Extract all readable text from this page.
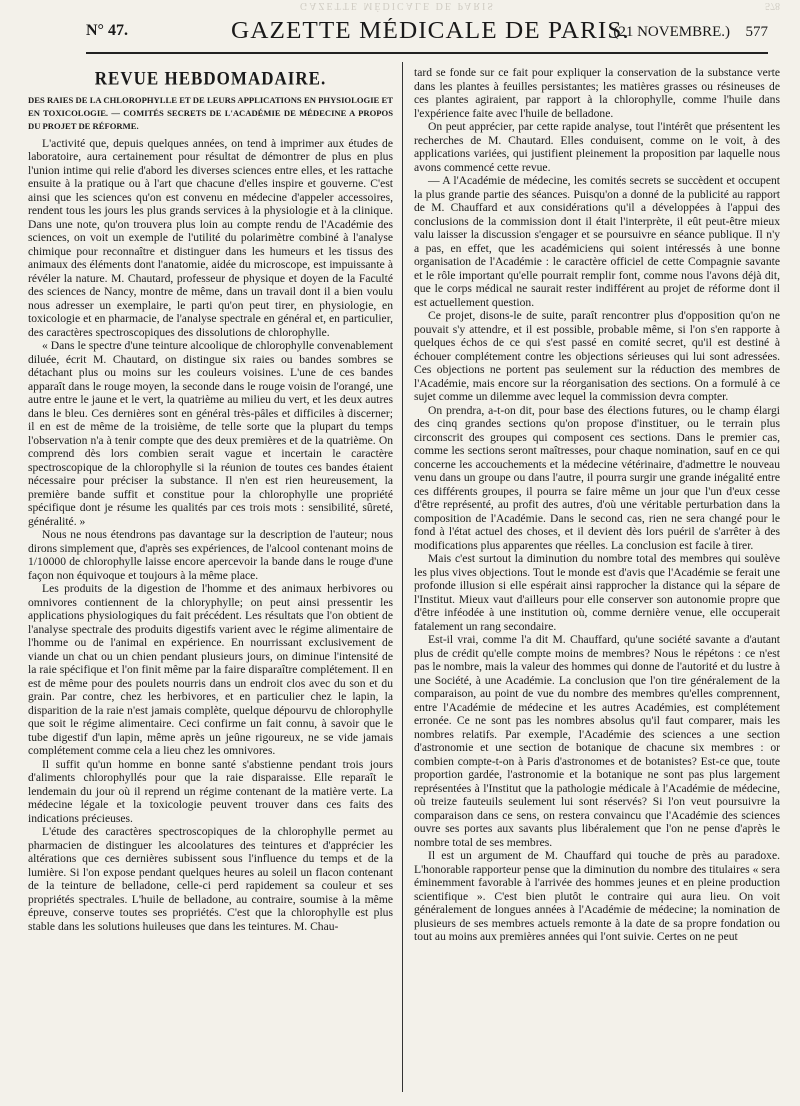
GAZETTE MÉDICALE DE PARIS	578
N° 47.	GAZETTE MÉDICALE DE PARIS.
(21 NOVEMBRE.) 577
REVUE HEBDOMADAIRE.
DES RAIES DE LA CHLOROPHYLLE ET DE LEURS APPLICATIONS EN PHYSIOLOGIE ET EN TOXICOLOGIE. — COMITÉS SECRETS DE L'ACADÉMIE DE MÉDECINE A PROPOS DU PROJET DE RÉFORME.

L'activité que, depuis quelques années, on tend à imprimer aux études de laboratoire, aura certainement pour résultat de démontrer de plus en plus l'union intime qui relie d'abord les diverses sciences entre elles, et les rattache ensuite à la pratique ou à l'art que chacune d'elles inspire et gouverne. C'est ainsi que les sciences qu'on est convenu en médecine d'appeler accessoires, rendent tous les jours les plus grands services à la physiologie et à la clinique. Dans une note, qu'on trouvera plus loin au compte rendu de l'Académie des sciences, on voit un exemple de l'utilité du polarimètre combiné à l'analyse chimique pour reconnaître et distinguer dans les humeurs et les tissus des animaux des éléments dont l'anatomie, aidée du microscope, est impuissante à révéler la nature. M. Chautard, professeur de physique et doyen de la Faculté des sciences de Nancy, montre de même, dans un travail dont il a bien voulu nous adresser un exemplaire, le parti qu'on peut tirer, en physiologie, en toxicologie et en pharmacie, de l'analyse spectrale en général et, en particulier, des caractères spectroscopiques des dissolutions de chlorophylle.

« Dans le spectre d'une teinture alcoolique de chlorophylle convenablement diluée, écrit M. Chautard, on distingue six raies ou bandes sombres se détachant plus ou moins sur les couleurs voisines. L'une de ces bandes apparaît dans le rouge moyen, la seconde dans le rouge voisin de l'orangé, une autre entre le jaune et le vert, la quatrième au milieu du vert, et les deux autres dans le bleu. Ces dernières sont en général très-pâles et difficiles à discerner; il en est de même de la troisième, de telle sorte que la plupart du temps l'observation n'a à tenir compte que des deux premières et de la quatrième. On comprend dès lors combien serait vague et incertain le caractère spectroscopique de la chlorophylle si la réunion de toutes ces bandes étaient nécessaire pour préciser la substance. Il n'en est rien heureusement, la première bande suffit et constitue pour la chlorophylle une propriété spécifique dont je résume les qualités par ces trois mots : sensibilité, sûreté, généralité. »

Nous ne nous étendrons pas davantage sur la description de l'auteur; nous dirons simplement que, d'après ses expériences, de l'alcool contenant moins de 1/10000 de chlorophylle laisse encore apercevoir la bande dans le rouge d'une façon non équivoque et toujours à la même place.

Les produits de la digestion de l'homme et des animaux herbivores ou omnivores contiennent de la chloryphylle; on peut ainsi pressentir les applications physiologiques du fait précédent. Les résultats que l'on obtient de l'analyse spectrale des produits digestifs varient avec le régime alimentaire de l'homme ou de l'animal en expérience. En nourrissant exclusivement de viande un chat ou un chien pendant plusieurs jours, on diminue l'intensité de la raie spécifique et l'on finit même par la faire disparaître complétement. Il en est de même pour des poulets nourris dans un endroit clos avec du son et du grain. Par contre, chez les herbivores, et en particulier chez le lapin, la disparition de la raie n'est jamais complète, quelque dépourvu de chlorophylle que soit le régime alimentaire. Ceci confirme un fait connu, à savoir que le tube digestif d'un lapin, même après un jeûne rigoureux, ne se vide jamais complétement comme cela a lieu chez les omnivores.

Il suffit qu'un homme en bonne santé s'abstienne pendant trois jours d'aliments chlorophyllés pour que la raie disparaisse. Elle reparaît le lendemain du jour où il reprend un régime contenant de la matière verte. La médecine légale et la toxicologie peuvent trouver dans ces faits des indications précieuses.

L'étude des caractères spectroscopiques de la chlorophylle permet au pharmacien de distinguer les alcoolatures des teintures et d'apprécier les altérations que ces dernières subissent sous l'influence du temps et de la lumière. Si l'on expose pendant quelques heures au soleil un flacon contenant de la teinture de belladone, celle-ci perd rapidement sa couleur et ses propriétés spectrales. L'huile de belladone, au contraire, soumise à la même épreuve, conserve toutes ses propriétés. C'est que la chlorophylle est plus stable dans les solutions huileuses que dans les teintures. M. Chau-

tard se fonde sur ce fait pour expliquer la conservation de la substance verte dans les plantes à feuilles persistantes; les matières grasses ou résineuses de ces plantes agiraient, par rapport à la chlorophylle, comme l'huile dans l'expérience faite avec l'huile de belladone.

On peut apprécier, par cette rapide analyse, tout l'intérêt que présentent les recherches de M. Chautard. Elles conduisent, comme on le voit, à des applications variées, qui justifient pleinement la proposition par laquelle nous avons commencé cette revue.

— A l'Académie de médecine, les comités secrets se succèdent et occupent la plus grande partie des séances. Puisqu'on a donné de la publicité au rapport de M. Chauffard et aux considérations qu'il a développées à l'appui des conclusions de la commission dont il était l'interprète, il eût peut-être mieux valu laisser la discussion s'engager et se poursuivre en séance publique. Il n'y a pas, en effet, que les académiciens qui soient intéressés à une bonne organisation de l'Académie : le caractère officiel de cette Compagnie savante et le rôle important qu'elle pourrait remplir font, comme nous l'avons déjà dit, que le corps médical ne saurait rester indifférent au projet de réforme dont il est actuellement question.

Ce projet, disons-le de suite, paraît rencontrer plus d'opposition qu'on ne pouvait s'y attendre, et il est possible, probable même, si l'on s'en rapporte à quelques échos de ce qui s'est passé en comité secret, qu'il est destiné à échouer complétement contre les objections sérieuses qui lui sont adressées. Ces objections ne portent pas seulement sur la réduction des membres de l'Académie, mais encore sur la réorganisation des sections. On a formulé à ce sujet comme un dilemme avec lequel la commission devra compter.

On prendra, a-t-on dit, pour base des élections futures, ou le champ élargi des cinq grandes sections qu'on propose d'instituer, ou le terrain plus circonscrit des groupes qui composent ces sections. Dans le premier cas, comme les sections seront maîtresses, pour chaque nomination, sauf en ce qui concerne les accouchements et la médecine vétérinaire, d'admettre le nouveau venu dans un groupe ou dans l'autre, il pourra surgir une grande inégalité entre ces différents groupes, il pourra se faire même un jour que l'un d'eux cesse d'être représenté, au profit des autres, d'où une véritable perturbation dans la composition de l'Académie. Dans le second cas, rien ne sera changé pour le fond à l'état actuel des choses, et il devient dès lors puéril de s'arrêter à des modifications plus apparentes que réelles. La conclusion est facile à tirer.

Mais c'est surtout la diminution du nombre total des membres qui soulève les plus vives objections. Tout le monde est d'avis que l'Académie se ferait une profonde illusion si elle espérait ainsi rapprocher la distance qui la sépare de l'Institut. Mieux vaut d'ailleurs pour elle conserver son autonomie propre que d'être inféodée à une institution où, comme dernière venue, elle occuperait fatalement un rang secondaire.

Est-il vrai, comme l'a dit M. Chauffard, qu'une société savante a d'autant plus de crédit qu'elle compte moins de membres? Nous le répétons : ce n'est pas le nombre, mais la valeur des hommes qui donne de l'autorité et du lustre à une Société, à une Académie. La conclusion que l'on tire généralement de la comparaison, au point de vue du nombre des membres qu'elles comprennent, entre l'Académie de médecine et les autres Académies, est complétement erronée. Ce ne sont pas les nombres absolus qu'il faut comparer, mais les nombres relatifs. Par exemple, l'Académie des sciences a une section d'astronomie et une section de botanique de chacune six membres : or combien compte-t-on à Paris d'astronomes et de botanistes? Est-ce que, toute proportion gardée, l'astronomie et la botanique ne sont pas plus largement représentées à l'Institut que la pathologie médicale à l'Académie de médecine, où treize fauteuils seulement lui sont réservés? Si l'on veut poursuivre la comparaison dans ce sens, on restera convaincu que l'Académie des sciences ouvre ses portes aux savants plus libéralement que l'on ne pense d'après le nombre total de ses membres.

Il est un argument de M. Chauffard qui touche de près au paradoxe. L'honorable rapporteur pense que la diminution du nombre des titulaires « sera éminemment favorable à l'arrivée des hommes jeunes et en pleine production scientifique ». C'est bien plutôt le contraire qui aura lieu. On voit généralement de longues années à l'Académie de médecine; la nomination de plusieurs de ses membres actuels remonte à la date de sa propre fondation ou tout au moins aux premières années qui l'ont suivie. Certes on ne peut
